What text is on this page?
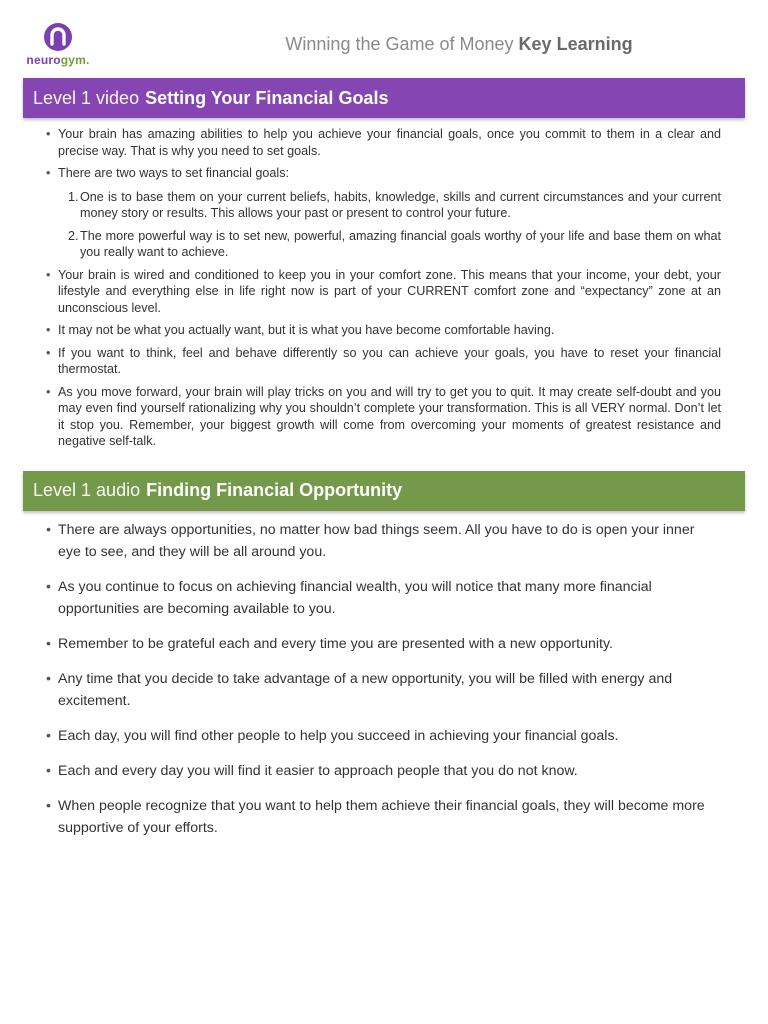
neurogym.
Winning the Game of Money Key Learning
Level 1 video Setting Your Financial Goals
• Your brain has amazing abilities to help you achieve your financial goals, once you commit to them in a clear and precise way. That is why you need to set goals.
• There are two ways to set financial goals:
1. One is to base them on your current beliefs, habits, knowledge, skills and current circumstances and your current money story or results. This allows your past or present to control your future.
2. The more powerful way is to set new, powerful, amazing financial goals worthy of your life and base them on what you really want to achieve.
• Your brain is wired and conditioned to keep you in your comfort zone. This means that your income, your debt, your lifestyle and everything else in life right now is part of your CURRENT comfort zone and “expectancy” zone at an unconscious level.
• It may not be what you actually want, but it is what you have become comfortable having.
• If you want to think, feel and behave differently so you can achieve your goals, you have to reset your financial thermostat.
• As you move forward, your brain will play tricks on you and will try to get you to quit. It may create self-doubt and you may even find yourself rationalizing why you shouldn’t complete your transformation. This is all VERY normal. Don’t let it stop you. Remember, your biggest growth will come from overcoming your moments of greatest resistance and negative self-talk.
Level 1 audio Finding Financial Opportunity
• There are always opportunities, no matter how bad things seem. All you have to do is open your inner eye to see, and they will be all around you.
• As you continue to focus on achieving financial wealth, you will notice that many more financial opportunities are becoming available to you.
• Remember to be grateful each and every time you are presented with a new opportunity.
• Any time that you decide to take advantage of a new opportunity, you will be filled with energy and excitement.
• Each day, you will find other people to help you succeed in achieving your financial goals.
• Each and every day you will find it easier to approach people that you do not know.
• When people recognize that you want to help them achieve their financial goals, they will become more supportive of your efforts.
